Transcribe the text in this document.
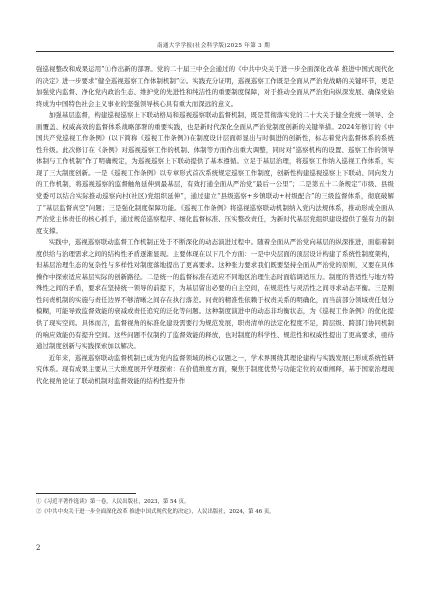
南通大学学报(社会科学版)2025 年第 3 期

强巡视整改和成果运用”①作出新的部署。党的二十届三中全会通过的《中共中央关于进一步全面深化改革 推进中国式现代化的决定》进一步要求“健全巡视巡察工作体制机制”②。实践充分证明，巡视巡察工作既是全面从严治党战略的关键环节，更是加强党内监督、净化党内政治生态、维护党的先进性和纯洁性的重要制度保障，对于推动全面从严治党向纵深发展、确保党始终成为中国特色社会主义事业的坚强领导核心具有重大而深远的意义。

加强基层监督，构建巡视巡察上下联动格局和巡视巡察联动监督机制，既是贯彻落实党的二十大关于健全党统一领导、全面覆盖、权威高效的监督体系战略部署的重要实践，也是新时代深化全面从严治党制度创新的关键举措。2024年修订的《中国共产党巡视工作条例》(以下简称《巡视工作条例》)在制度设计层面彰显出与时俱进的创新性，标志着党内监督体系的系统性升级。此次修订在《条例》对巡视巡察工作的机制、体制等方面作出重大调整，同时对“巡察机构的设置、巡察工作的领导体制与工作机制”作了明确规定，为巡视巡察上下联动提供了基本遵循。立足于基层治理，将巡察工作纳入巡视工作体系，实现了三大制度创新。一是《巡视工作条例》以专章形式首次系统规定巡察工作制度，创新性构建巡视巡察上下联动、同向发力的工作机制，将巡视巡察的监督触角延伸到最基层，有效打通全面从严治党“最后一公里”；二是第五十二条规定“市级、县级党委可以结合实际推动巡察向村(社区)党组织延伸”，通过建立“县级巡察+乡镇联动+村级配合”的三级监督体系，彻底破解了“基层监督真空”问题；三是强化制度保障功能。《巡视工作条例》将巡视巡察联动机制纳入党内法规体系，推动形成全面从严治党主体责任的核心抓手，通过规范巡察程序、细化监督标准、压实整改责任，为新时代基层党组织建设提供了强有力的制度支撑。

实践中，巡视巡察联动监督工作机制正处于不断深化的动态演进过程中。随着全面从严治党向基层的纵深推进，面临着制度供给与治理需求之间的结构性矛盾逐渐显现。主要体现在以下几个方面：一是中央层面的顶层设计构建了系统性制度架构，但基层治理生态的复杂性与多样性对制度落地提出了更高要求。这种张力要求我们既要坚持全面从严治党的原则，又要在具体操作中探索适应基层实际的创新路径。二是统一的监督标准在适应不同地区治理生态时面临调适压力。制度的普适性与地方特殊性之间的矛盾，要求在坚持统一领导的前提下，为基层留出必要的自主空间，在规范性与灵活性之间寻求动态平衡。三是刚性问责机制的实施与责任边界不够清晰之间存在执行落差。问责的精准性依赖于权责关系的明确化，而当前部分领域责任划分模糊，可能导致监督效能的衰减或责任追究的泛化等问题。这种制度演进中的动态非均衡状态，为《巡视工作条例》的优化提供了现实空间。具体而言，监督视角的标准化建设需要行为规范发展，职责清单的法定化程度不足，跨层级、跨部门协同机制的响应效能仍有提升空间。这些问题不仅制约了监督效能的释放，也对制度的科学性、规范性和权威性提出了更高要求，亟待通过制度创新与实践探索加以解决。

近年来，巡视巡察联动监督机制已成为党内监督领域的核心议题之一，学术界围绕其理论建构与实践发展已形成系统性研究体系。现有成果主要从三大维度展开学理探索：在价值维度方面，聚焦于制度优势与功能定位的双重阐释，基于国家治理现代化视角论证了联动机制对监督效能的结构性提升作

①《习近平著作选读》第一卷，人民出版社，2023，第 54 页。

②《中共中央关于进一步全面深化改革 推进中国式现代化的决定》，人民出版社，2024，第 46 页。

2
